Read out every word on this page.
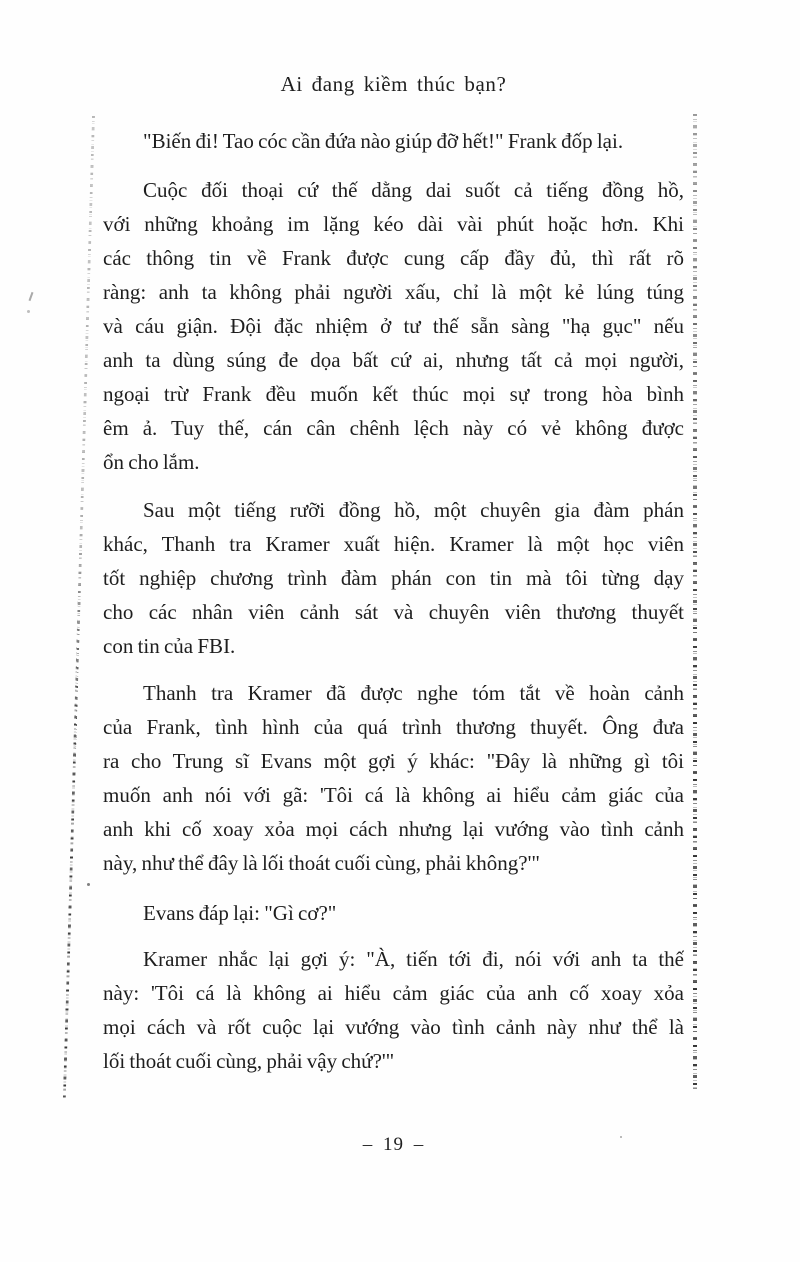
Ai đang kiềm thúc bạn?
"Biến đi! Tao cóc cần đứa nào giúp đỡ hết!" Frank đốp lại.
Cuộc đối thoại cứ thế dằng dai suốt cả tiếng đồng hồ,
với những khoảng im lặng kéo dài vài phút hoặc hơn. Khi
các thông tin về Frank được cung cấp đầy đủ, thì rất rõ
ràng: anh ta không phải người xấu, chỉ là một kẻ lúng túng
và cáu giận. Đội đặc nhiệm ở tư thế sẵn sàng "hạ gục" nếu
anh ta dùng súng đe dọa bất cứ ai, nhưng tất cả mọi người,
ngoại trừ Frank đều muốn kết thúc mọi sự trong hòa bình
êm ả. Tuy thế, cán cân chênh lệch này có vẻ không được
ổn cho lắm.
Sau một tiếng rưỡi đồng hồ, một chuyên gia đàm phán
khác, Thanh tra Kramer xuất hiện. Kramer là một học viên
tốt nghiệp chương trình đàm phán con tin mà tôi từng dạy
cho các nhân viên cảnh sát và chuyên viên thương thuyết
con tin của FBI.
Thanh tra Kramer đã được nghe tóm tắt về hoàn cảnh
của Frank, tình hình của quá trình thương thuyết. Ông đưa
ra cho Trung sĩ Evans một gợi ý khác: "Đây là những gì tôi
muốn anh nói với gã: 'Tôi cá là không ai hiểu cảm giác của
anh khi cố xoay xỏa mọi cách nhưng lại vướng vào tình cảnh
này, như thể đây là lối thoát cuối cùng, phải không?'"
Evans đáp lại: "Gì cơ?"
Kramer nhắc lại gợi ý: "À, tiến tới đi, nói với anh ta thế
này: 'Tôi cá là không ai hiểu cảm giác của anh cố xoay xỏa
mọi cách và rốt cuộc lại vướng vào tình cảnh này như thể là
lối thoát cuối cùng, phải vậy chứ?'"
– 19 –
